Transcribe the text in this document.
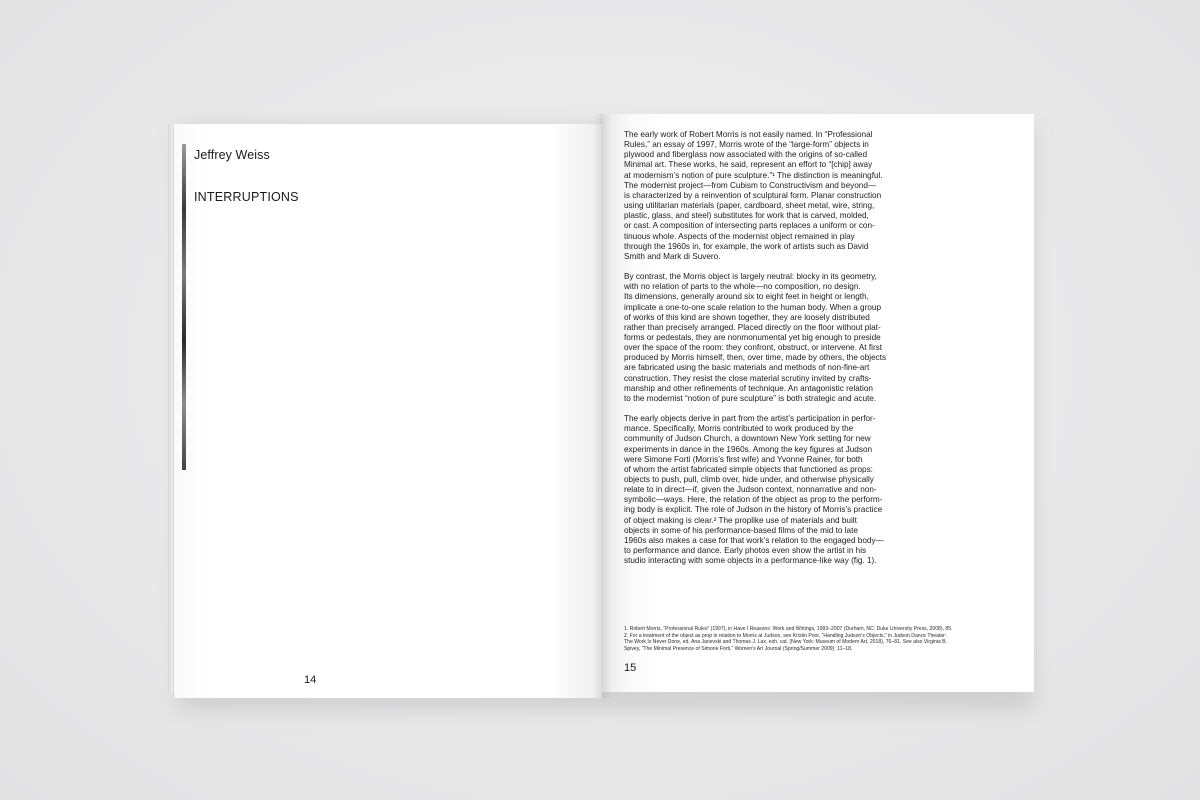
Jeffrey Weiss
INTERRUPTIONS
14

The early work of Robert Morris is not easily named. In “Professional
Rules,” an essay of 1997, Morris wrote of the “large-form” objects in
plywood and fiberglass now associated with the origins of so-called
Minimal art. These works, he said, represent an effort to “[chip] away
at modernism’s notion of pure sculpture.”¹ The distinction is meaningful.
The modernist project—from Cubism to Constructivism and beyond—
is characterized by a reinvention of sculptural form. Planar construction
using utilitarian materials (paper, cardboard, sheet metal, wire, string,
plastic, glass, and steel) substitutes for work that is carved, molded,
or cast. A composition of intersecting parts replaces a uniform or con-
tinuous whole. Aspects of the modernist object remained in play
through the 1960s in, for example, the work of artists such as David
Smith and Mark di Suvero.

By contrast, the Morris object is largely neutral: blocky in its geometry,
with no relation of parts to the whole—no composition, no design.
Its dimensions, generally around six to eight feet in height or length,
implicate a one-to-one scale relation to the human body. When a group
of works of this kind are shown together, they are loosely distributed
rather than precisely arranged. Placed directly on the floor without plat-
forms or pedestals, they are nonmonumental yet big enough to preside
over the space of the room: they confront, obstruct, or intervene. At first
produced by Morris himself, then, over time, made by others, the objects
are fabricated using the basic materials and methods of non-fine-art
construction. They resist the close material scrutiny invited by crafts-
manship and other refinements of technique. An antagonistic relation
to the modernist “notion of pure sculpture” is both strategic and acute.

The early objects derive in part from the artist’s participation in perfor-
mance. Specifically, Morris contributed to work produced by the
community of Judson Church, a downtown New York setting for new
experiments in dance in the 1960s. Among the key figures at Judson
were Simone Forti (Morris’s first wife) and Yvonne Rainer, for both
of whom the artist fabricated simple objects that functioned as props:
objects to push, pull, climb over, hide under, and otherwise physically
relate to in direct—if, given the Judson context, nonnarrative and non-
symbolic—ways. Here, the relation of the object as prop to the perform-
ing body is explicit. The role of Judson in the history of Morris’s practice
of object making is clear.² The proplike use of materials and built
objects in some of his performance-based films of the mid to late
1960s also makes a case for that work’s relation to the engaged body—
to performance and dance. Early photos even show the artist in his
studio interacting with some objects in a performance-like way (fig. 1).

1. Robert Morris, “Professional Rules” (1997), in Have I Reasons: Work and Writings, 1993–2007 (Durham, NC: Duke University Press, 2008), 85.
2. For a treatment of the object as prop in relation to Morris at Judson, see Kristin Poor, “Handling Judson’s Objects,” in Judson Dance Theater:
The Work Is Never Done, ed. Ana Janevski and Thomas J. Lax, exh. cat. (New York: Museum of Modern Art, 2018), 76–81. See also Virginia B.
Spivey, “The Minimal Presence of Simone Forti,” Women’s Art Journal (Spring/Summer 2009): 11–18.
15
